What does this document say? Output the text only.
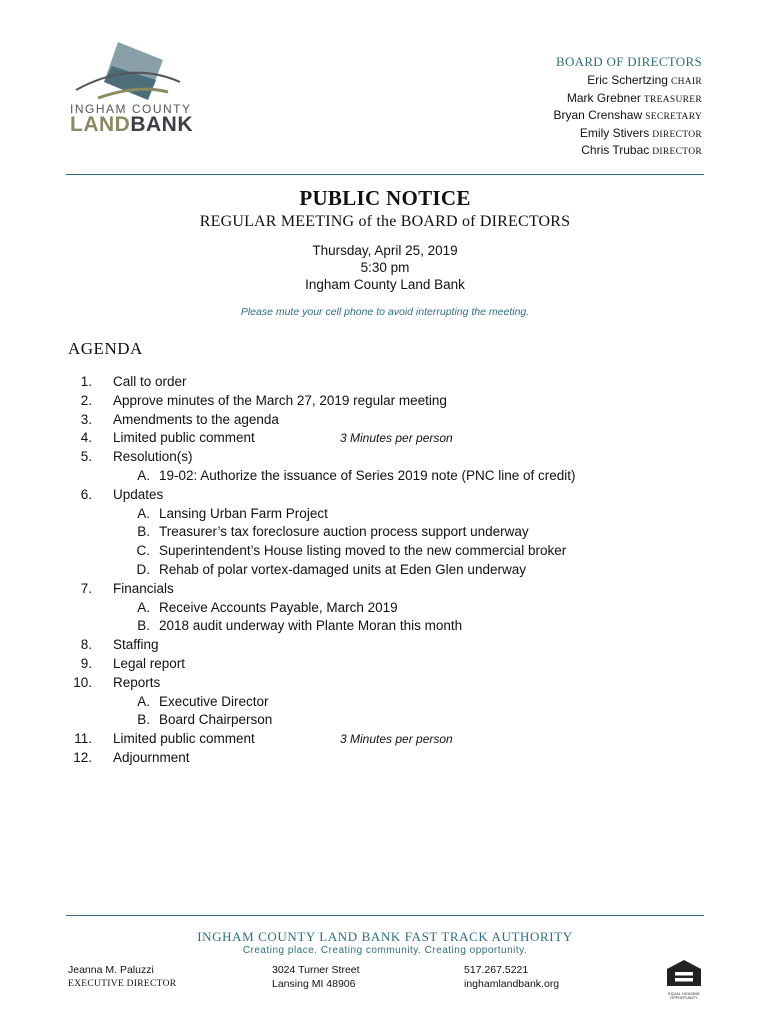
INGHAM COUNTY
LANDBANK
BOARD OF DIRECTORS
Eric Schertzing CHAIR
Mark Grebner TREASURER
Bryan Crenshaw SECRETARY
Emily Stivers DIRECTOR
Chris Trubac DIRECTOR
PUBLIC NOTICE
REGULAR MEETING of the BOARD of DIRECTORS
Thursday, April 25, 2019
5:30 pm
Ingham County Land Bank
Please mute your cell phone to avoid interrupting the meeting.
AGENDA
1. Call to order
2. Approve minutes of the March 27, 2019 regular meeting
3. Amendments to the agenda
4. Limited public comment	3 Minutes per person
5. Resolution(s)
A. 19-02: Authorize the issuance of Series 2019 note (PNC line of credit)
6. Updates
A. Lansing Urban Farm Project
B. Treasurer’s tax foreclosure auction process support underway
C. Superintendent’s House listing moved to the new commercial broker
D. Rehab of polar vortex-damaged units at Eden Glen underway
7. Financials
A. Receive Accounts Payable, March 2019
B. 2018 audit underway with Plante Moran this month
8. Staffing
9. Legal report
10. Reports
A. Executive Director
B. Board Chairperson
11. Limited public comment	3 Minutes per person
12. Adjournment
INGHAM COUNTY LAND BANK FAST TRACK AUTHORITY
Creating place. Creating community. Creating opportunity.
Jeanna M. Paluzzi
EXECUTIVE DIRECTOR
3024 Turner Street
Lansing MI 48906
517.267.5221
inghamlandbank.org
EQUAL HOUSING OPPORTUNITY
